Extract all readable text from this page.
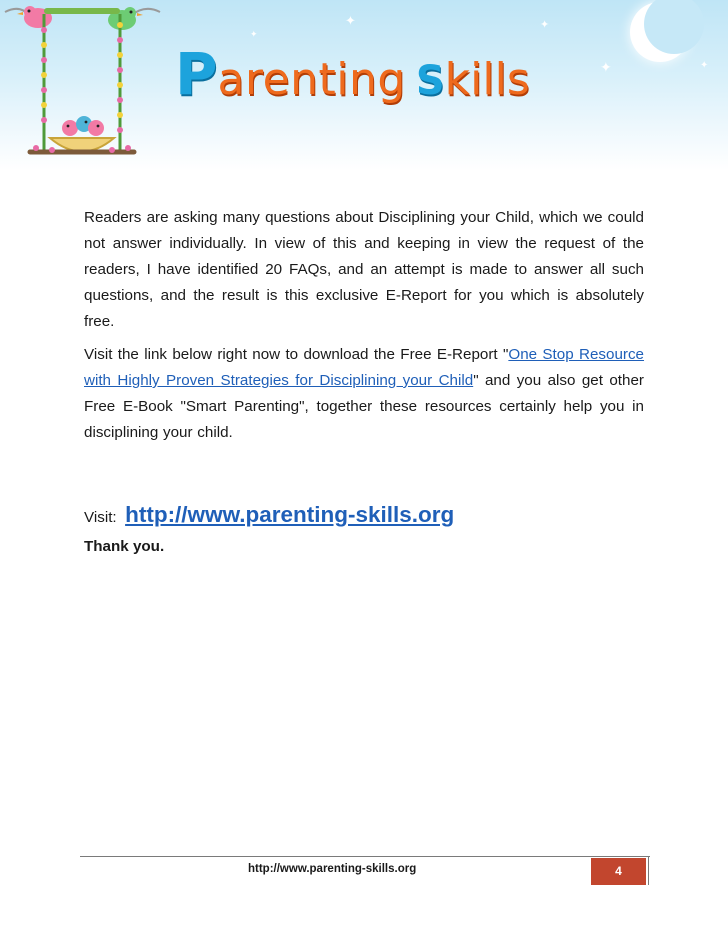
✦	✦
✦	✦
✦
Parenting Skills

Readers are asking many questions about Disciplining your Child, which we could not answer individually. In view of this and keeping in view the request of the readers, I have identified 20 FAQs, and an attempt is made to answer all such questions, and the result is this exclusive E-Report for you which is absolutely free.

Visit the link below right now to download the Free E-Report "One Stop Resource with Highly Proven Strategies for Disciplining your Child" and you also get other Free E-Book "Smart Parenting", together these resources certainly help you in disciplining your child.

Visit: http://www.parenting-skills.org
Thank you.
http://www.parenting-skills.org	4
